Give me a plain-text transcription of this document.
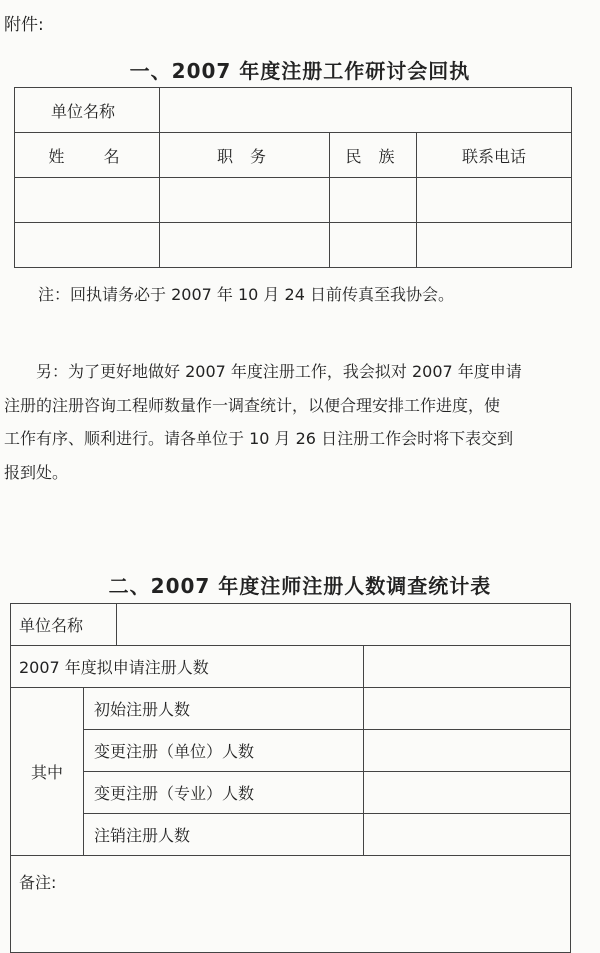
附件:
一、2007 年度注册工作研讨会回执
单位名称			
姓   名	职 务	民 族	联系电话

注：回执请务必于 2007 年 10 月 24 日前传真至我协会。
另：为了更好地做好 2007 年度注册工作，我会拟对 2007 年度申请
注册的注册咨询工程师数量作一调查统计，以便合理安排工作进度，使
工作有序、顺利进行。请各单位于 10 月 26 日注册工作会时将下表交到
报到处。
二、2007 年度注师注册人数调查统计表
单位名称			
2007 年度拟申请注册人数			
其中	初始注册人数		
	变更注册（单位）人数		
	变更注册（专业）人数		
	注销注册人数		
备注:			
